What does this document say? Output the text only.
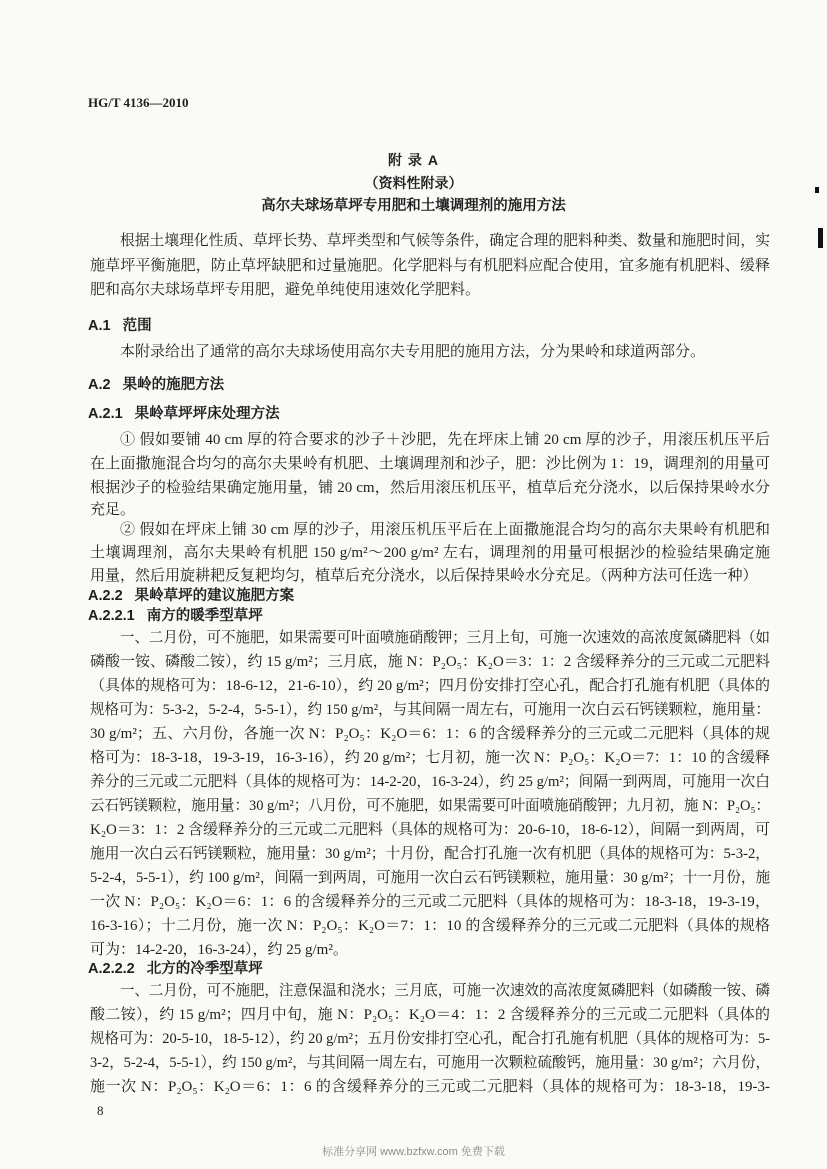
HG/T 4136—2010
附 录 A
（资料性附录）
高尔夫球场草坪专用肥和土壤调理剂的施用方法
根据土壤理化性质、草坪长势、草坪类型和气候等条件，确定合理的肥料种类、数量和施肥时间，实
施草坪平衡施肥，防止草坪缺肥和过量施肥。化学肥料与有机肥料应配合使用，宜多施有机肥料、缓释
肥和高尔夫球场草坪专用肥，避免单纯使用速效化学肥料。
A.1 范围
本附录给出了通常的高尔夫球场使用高尔夫专用肥的施用方法，分为果岭和球道两部分。
A.2 果岭的施肥方法
A.2.1 果岭草坪坪床处理方法
① 假如要铺 40 cm 厚的符合要求的沙子＋沙肥，先在坪床上铺 20 cm 厚的沙子，用滚压机压平后
在上面撒施混合均匀的高尔夫果岭有机肥、土壤调理剂和沙子，肥：沙比例为 1：19，调理剂的用量可
根据沙子的检验结果确定施用量，铺 20 cm，然后用滚压机压平，植草后充分浇水，以后保持果岭水分
充足。
② 假如在坪床上铺 30 cm 厚的沙子，用滚压机压平后在上面撒施混合均匀的高尔夫果岭有机肥和
土壤调理剂，高尔夫果岭有机肥 150 g/m²～200 g/m² 左右，调理剂的用量可根据沙的检验结果确定施
用量，然后用旋耕耙反复耙均匀，植草后充分浇水，以后保持果岭水分充足。（两种方法可任选一种）
A.2.2 果岭草坪的建议施肥方案
A.2.2.1 南方的暖季型草坪
一、二月份，可不施肥，如果需要可叶面喷施硝酸钾；三月上旬，可施一次速效的高浓度氮磷肥料（如
磷酸一铵、磷酸二铵），约 15 g/m²；三月底，施 N：P₂O₅：K₂O＝3：1：2 含缓释养分的三元或二元肥料
（具体的规格可为：18-6-12，21-6-10），约 20 g/m²；四月份安排打空心孔，配合打孔施有机肥（具体的
规格可为：5-3-2，5-2-4，5-5-1），约 150 g/m²，与其间隔一周左右，可施用一次白云石钙镁颗粒，施用量：
30 g/m²；五、六月份，各施一次 N：P₂O₅：K₂O＝6：1：6 的含缓释养分的三元或二元肥料（具体的规
格可为：18-3-18，19-3-19，16-3-16），约 20 g/m²；七月初，施一次 N：P₂O₅：K₂O＝7：1：10 的含缓释
养分的三元或二元肥料（具体的规格可为：14-2-20，16-3-24），约 25 g/m²；间隔一到两周，可施用一次白
云石钙镁颗粒，施用量：30 g/m²；八月份，可不施肥，如果需要可叶面喷施硝酸钾；九月初，施 N：P₂O₅：
K₂O＝3：1：2 含缓释养分的三元或二元肥料（具体的规格可为：20-6-10，18-6-12），间隔一到两周，可
施用一次白云石钙镁颗粒，施用量：30 g/m²；十月份，配合打孔施一次有机肥（具体的规格可为：5-3-2，
5-2-4，5-5-1），约 100 g/m²，间隔一到两周，可施用一次白云石钙镁颗粒，施用量：30 g/m²；十一月份，施
一次 N：P₂O₅：K₂O＝6：1：6 的含缓释养分的三元或二元肥料（具体的规格可为：18-3-18，19-3-19，
16-3-16）；十二月份，施一次 N：P₂O₅：K₂O＝7：1：10 的含缓释养分的三元或二元肥料（具体的规格
可为：14-2-20，16-3-24），约 25 g/m²。
A.2.2.2 北方的冷季型草坪
一、二月份，可不施肥，注意保温和浇水；三月底，可施一次速效的高浓度氮磷肥料（如磷酸一铵、磷
酸二铵），约 15 g/m²；四月中旬，施 N：P₂O₅：K₂O＝4：1：2 含缓释养分的三元或二元肥料（具体的
规格可为：20-5-10，18-5-12），约 20 g/m²；五月份安排打空心孔，配合打孔施有机肥（具体的规格可为：5-
3-2，5-2-4，5-5-1），约 150 g/m²，与其间隔一周左右，可施用一次颗粒硫酸钙，施用量：30 g/m²；六月份，
施一次 N：P₂O₅：K₂O＝6：1：6 的含缓释养分的三元或二元肥料（具体的规格可为：18-3-18，19-3-
8
标准分享网 www.bzfxw.com 免费下载
